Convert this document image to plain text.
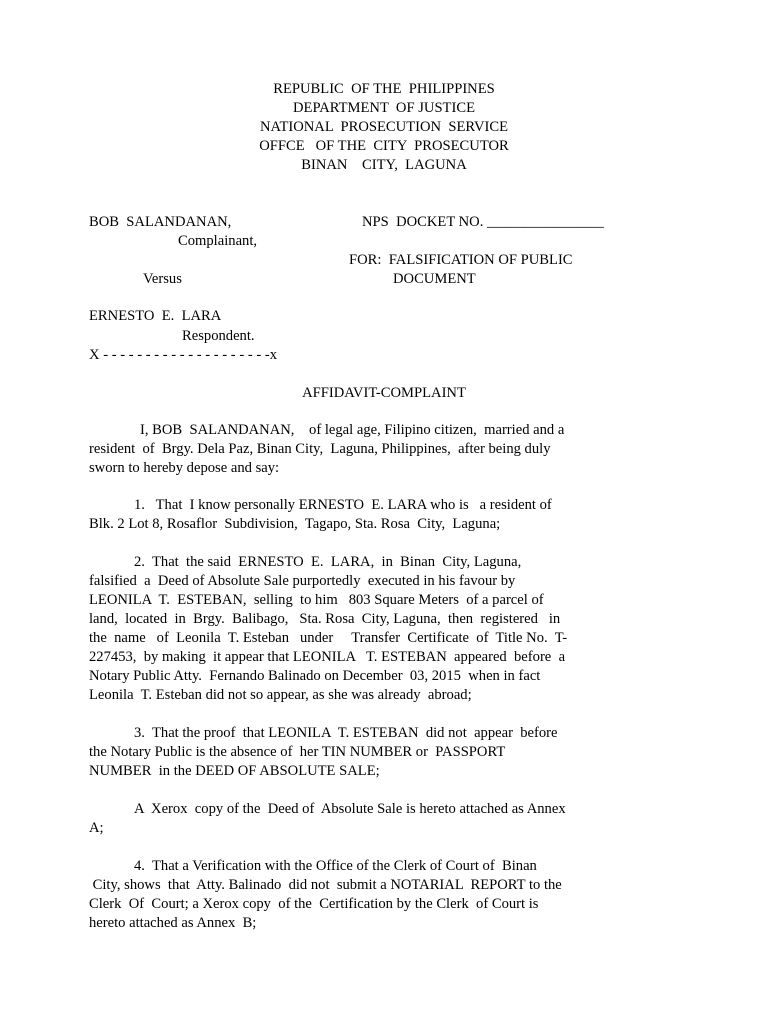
REPUBLIC  OF THE  PHILIPPINES
DEPARTMENT  OF JUSTICE
NATIONAL  PROSECUTION  SERVICE
OFFCE   OF THE  CITY  PROSECUTOR
BINAN    CITY,  LAGUNA
BOB  SALANDANAN,	NPS  DOCKET NO. ________________
Complainant,
FOR:  FALSIFICATION OF PUBLIC
Versus	DOCUMENT
ERNESTO  E.  LARA
Respondent.
X - - - - - - - - - - - - - - - - - - - -x
AFFIDAVIT-COMPLAINT
I, BOB  SALANDANAN,    of legal age, Filipino citizen,  married and a
resident  of  Brgy. Dela Paz, Binan City,  Laguna, Philippines,  after being duly
sworn to hereby depose and say:
1.   That  I know personally ERNESTO  E. LARA who is   a resident of
Blk. 2 Lot 8, Rosaflor  Subdivision,  Tagapo, Sta. Rosa  City,  Laguna;
2.  That  the said  ERNESTO  E.  LARA,  in  Binan  City, Laguna,
falsified  a  Deed of Absolute Sale purportedly  executed in his favour by
LEONILA  T.  ESTEBAN,  selling  to him   803 Square Meters  of a parcel of
land,  located  in  Brgy.  Balibago,   Sta. Rosa  City, Laguna,  then  registered   in
the  name   of  Leonila  T. Esteban   under     Transfer  Certificate  of  Title No.  T-
227453,  by making  it appear that LEONILA   T. ESTEBAN  appeared  before  a
Notary Public Atty.  Fernando Balinado on December  03, 2015  when in fact
Leonila  T. Esteban did not so appear, as she was already  abroad;
3.  That the proof  that LEONILA  T. ESTEBAN  did not  appear  before
the Notary Public is the absence of  her TIN NUMBER or  PASSPORT
NUMBER  in the DEED OF ABSOLUTE SALE;
A  Xerox  copy of the  Deed of  Absolute Sale is hereto attached as Annex
A;
4.  That a Verification with the Office of the Clerk of Court of  Binan
City, shows  that  Atty. Balinado  did not  submit a NOTARIAL  REPORT to the
Clerk  Of  Court; a Xerox copy  of the  Certification by the Clerk  of Court is
hereto attached as Annex  B;
